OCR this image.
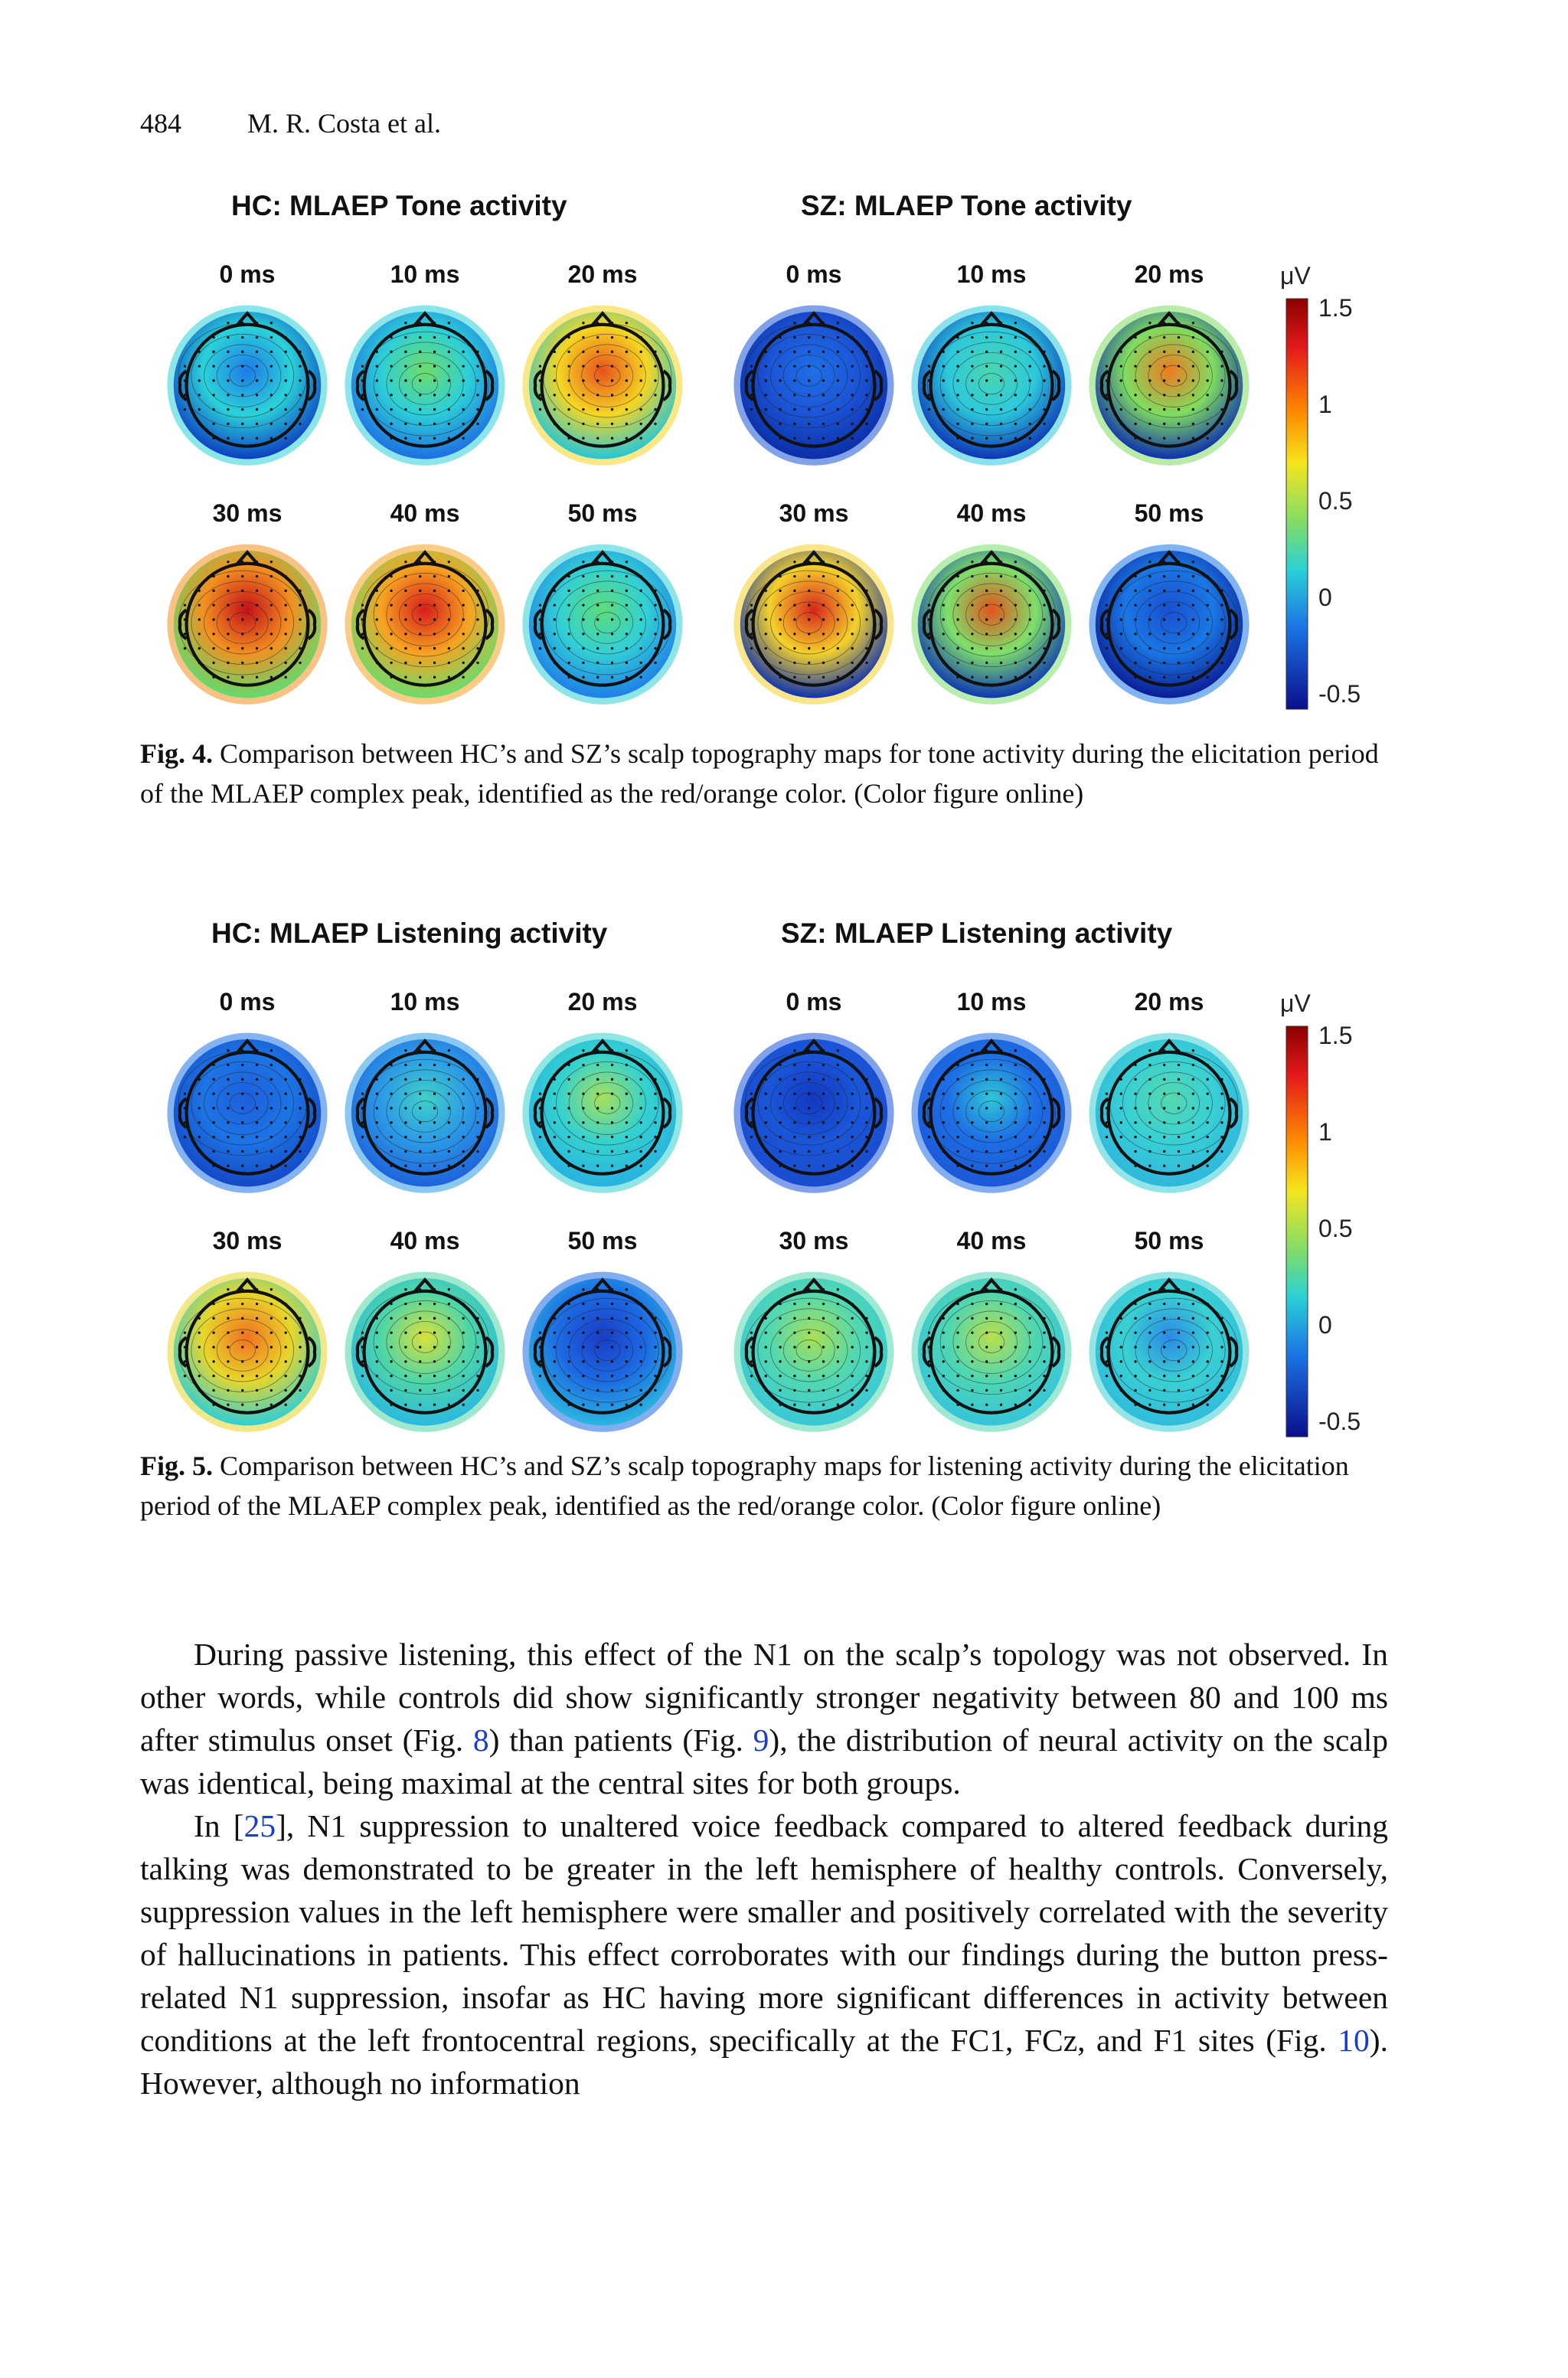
484 M. R. Costa et al.
HC: MLAEP Tone activity	SZ: MLAEP Tone activity
0 ms	10 ms	20 ms
30 ms	40 ms	50 ms
0 ms	10 ms	20 ms
30 ms	40 ms	50 ms
μV
1.5
1
0.5
0
-0.5
Fig. 4. Comparison between HC’s and SZ’s scalp topography maps for tone activity during the elicitation period of the MLAEP complex peak, identified as the red/orange color. (Color figure online)
HC: MLAEP Listening activity	SZ: MLAEP Listening activity
0 ms	10 ms	20 ms
30 ms	40 ms	50 ms
0 ms	10 ms	20 ms
30 ms	40 ms	50 ms
μV
1.5
1
0.5
0
-0.5
Fig. 5. Comparison between HC’s and SZ’s scalp topography maps for listening activity during the elicitation period of the MLAEP complex peak, identified as the red/orange color. (Color figure online)

During passive listening, this effect of the N1 on the scalp’s topology was not observed. In other words, while controls did show significantly stronger negativity between 80 and 100 ms after stimulus onset (Fig. 8) than patients (Fig. 9), the distribution of neural activity on the scalp was identical, being maximal at the central sites for both groups.

In [25], N1 suppression to unaltered voice feedback compared to altered feedback during talking was demonstrated to be greater in the left hemisphere of healthy controls. Conversely, suppression values in the left hemisphere were smaller and positively correlated with the severity of hallucinations in patients. This effect corroborates with our findings during the button press-related N1 suppression, insofar as HC having more significant differences in activity between conditions at the left frontocentral regions, specifically at the FC1, FCz, and F1 sites (Fig. 10). However, although no information
